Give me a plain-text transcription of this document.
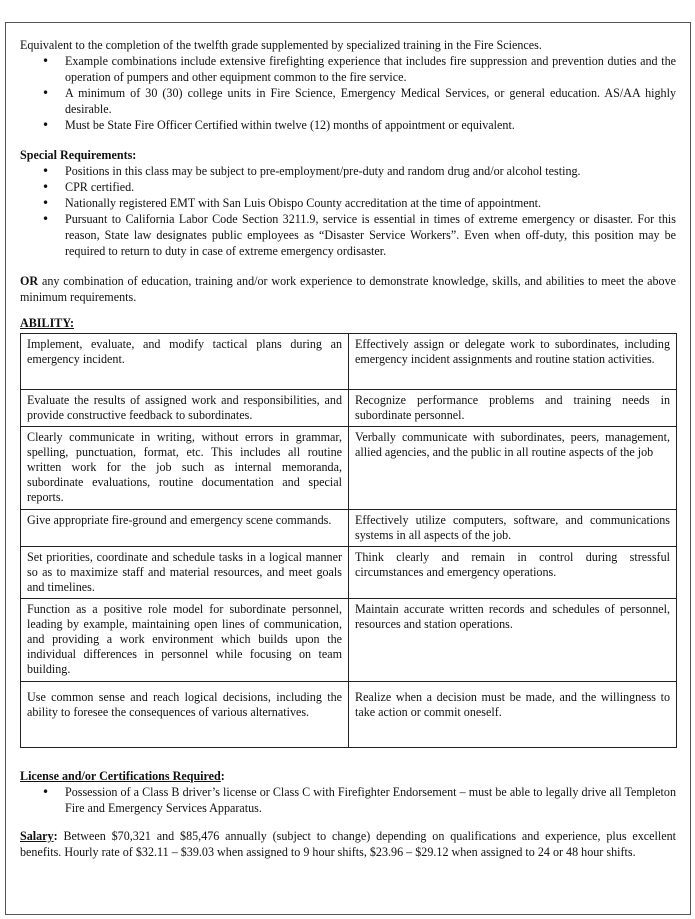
Equivalent to the completion of the twelfth grade supplemented by specialized training in the Fire Sciences.

• Example combinations include extensive firefighting experience that includes fire suppression and prevention duties and the operation of pumpers and other equipment common to the fire service.
• A minimum of 30 (30) college units in Fire Science, Emergency Medical Services, or general education. AS/AA highly desirable.
• Must be State Fire Officer Certified within twelve (12) months of appointment or equivalent.

Special Requirements:

• Positions in this class may be subject to pre-employment/pre-duty and random drug and/or alcohol testing.
• CPR certified.
• Nationally registered EMT with San Luis Obispo County accreditation at the time of appointment.
• Pursuant to California Labor Code Section 3211.9, service is essential in times of extreme emergency or disaster. For this reason, State law designates public employees as “Disaster Service Workers”. Even when off-duty, this position may be required to return to duty in case of extreme emergency ordisaster.

OR any combination of education, training and/or work experience to demonstrate knowledge, skills, and abilities to meet the above minimum requirements.

ABILITY:

Implement, evaluate, and modify tactical plans during an emergency incident.	Effectively assign or delegate work to subordinates, including emergency incident assignments and routine station activities.
Evaluate the results of assigned work and responsibilities, and provide constructive feedback to subordinates.	Recognize performance problems and training needs in subordinate personnel.
Clearly communicate in writing, without errors in grammar, spelling, punctuation, format, etc. This includes all routine written work for the job such as internal memoranda, subordinate evaluations, routine documentation and special reports.	Verbally communicate with subordinates, peers, management, allied agencies, and the public in all routine aspects of the job
Give appropriate fire-ground and emergency scene commands.	Effectively utilize computers, software, and communications systems in all aspects of the job.
Set priorities, coordinate and schedule tasks in a logical manner so as to maximize staff and material resources, and meet goals and timelines.	Think clearly and remain in control during stressful circumstances and emergency operations.
Function as a positive role model for subordinate personnel, leading by example, maintaining open lines of communication, and providing a work environment which builds upon the individual differences in personnel while focusing on team building.	Maintain accurate written records and schedules of personnel, resources and station operations.
Use common sense and reach logical decisions, including the ability to foresee the consequences of various alternatives.	Realize when a decision must be made, and the willingness to take action or commit oneself.

License and/or Certifications Required:

• Possession of a Class B driver’s license or Class C with Firefighter Endorsement – must be able to legally drive all Templeton Fire and Emergency Services Apparatus.

Salary: Between $70,321 and $85,476 annually (subject to change) depending on qualifications and experience, plus excellent benefits. Hourly rate of $32.11 – $39.03 when assigned to 9 hour shifts, $23.96 – $29.12 when assigned to 24 or 48 hour shifts.
